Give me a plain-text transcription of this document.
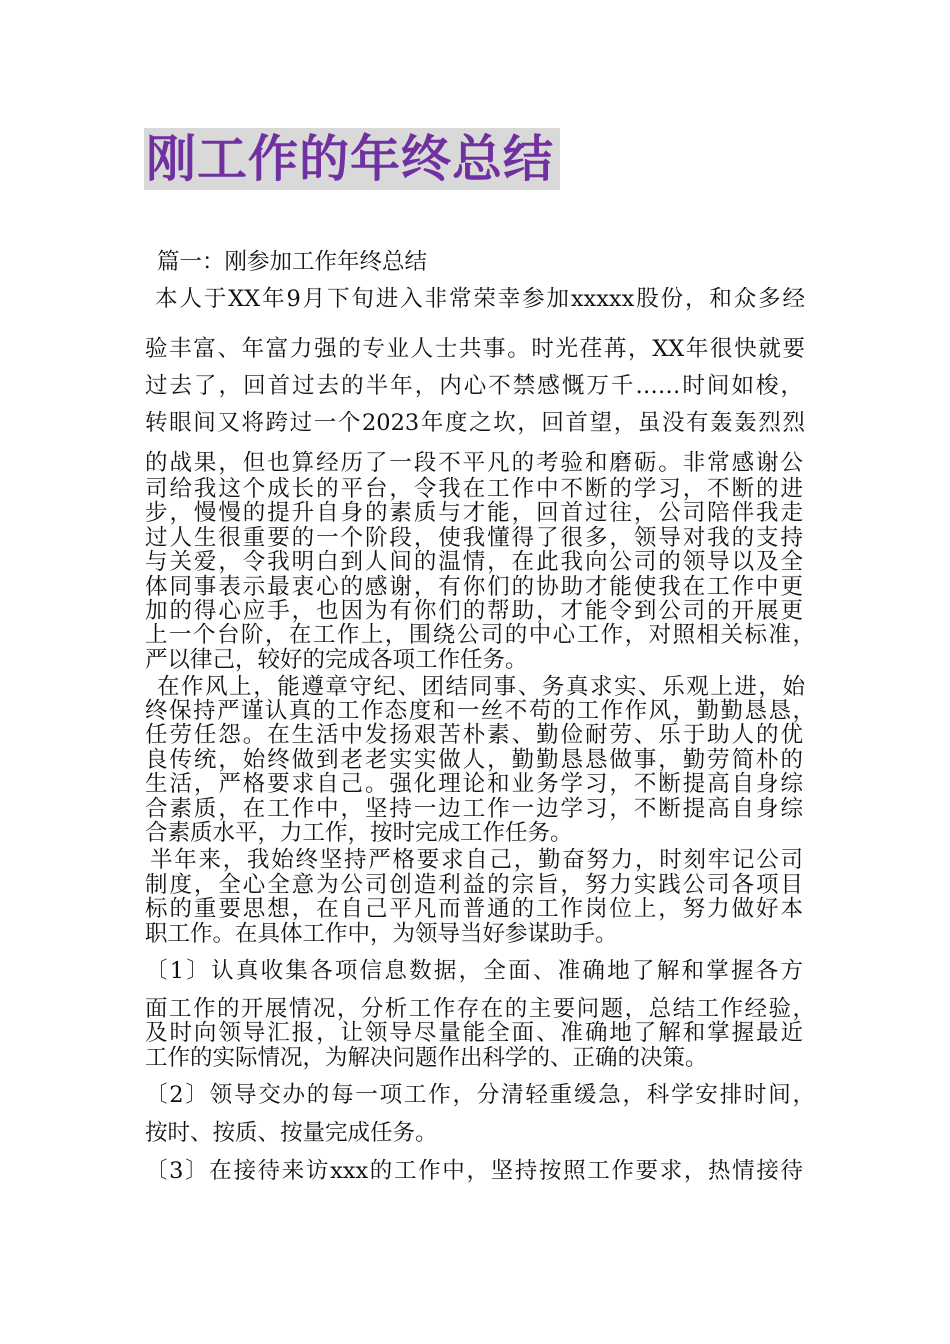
刚工作的年终总结
篇一：刚参加工作年终总结
本人于XX年9月下旬进入非常荣幸参加xxxxx股份，和众多经
验丰富、年富力强的专业人士共事。时光荏苒，XX年很快就要
过去了，回首过去的半年，内心不禁感慨万千……时间如梭，
转眼间又将跨过一个2023年度之坎，回首望，虽没有轰轰烈烈
的战果，但也算经历了一段不平凡的考验和磨砺。非常感谢公
司给我这个成长的平台，令我在工作中不断的学习，不断的进
步，慢慢的提升自身的素质与才能，回首过往，公司陪伴我走
过人生很重要的一个阶段，使我懂得了很多，领导对我的支持
与关爱，令我明白到人间的温情，在此我向公司的领导以及全
体同事表示最衷心的感谢，有你们的协助才能使我在工作中更
加的得心应手，也因为有你们的帮助，才能令到公司的开展更
上一个台阶，在工作上，围绕公司的中心工作，对照相关标准，
严以律己，较好的完成各项工作任务。
在作风上，能遵章守纪、团结同事、务真求实、乐观上进，始
终保持严谨认真的工作态度和一丝不苟的工作作风，勤勤恳恳，
任劳任怨。在生活中发扬艰苦朴素、勤俭耐劳、乐于助人的优
良传统，始终做到老老实实做人，勤勤恳恳做事，勤劳简朴的
生活，严格要求自己。强化理论和业务学习，不断提高自身综
合素质，在工作中，坚持一边工作一边学习，不断提高自身综
合素质水平，力工作，按时完成工作任务。
半年来，我始终坚持严格要求自己，勤奋努力，时刻牢记公司
制度，全心全意为公司创造利益的宗旨，努力实践公司各项目
标的重要思想，在自己平凡而普通的工作岗位上，努力做好本
职工作。在具体工作中，为领导当好参谋助手。
〔1〕认真收集各项信息数据，全面、准确地了解和掌握各方
面工作的开展情况，分析工作存在的主要问题，总结工作经验，
及时向领导汇报，让领导尽量能全面、准确地了解和掌握最近
工作的实际情况，为解决问题作出科学的、正确的决策。
〔2〕领导交办的每一项工作，分清轻重缓急，科学安排时间，
按时、按质、按量完成任务。
〔3〕在接待来访xxx的工作中，坚持按照工作要求，热情接待
